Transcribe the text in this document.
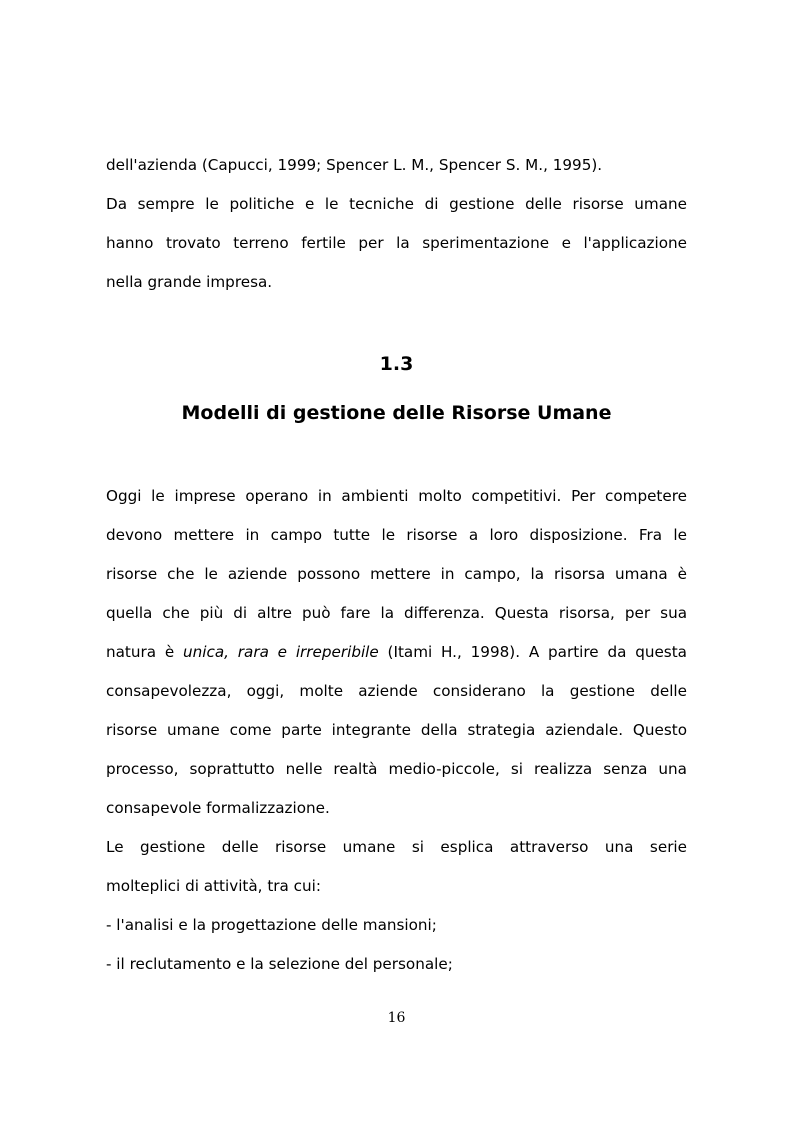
dell'azienda (Capucci, 1999; Spencer L. M., Spencer S. M., 1995).
Da sempre le politiche e le tecniche di gestione delle risorse umane
hanno trovato terreno fertile per la sperimentazione e l'applicazione
nella grande impresa.
1.3
Modelli di gestione delle Risorse Umane
Oggi le imprese operano in ambienti molto competitivi. Per competere
devono mettere in campo tutte le risorse a loro disposizione. Fra le
risorse che le aziende possono mettere in campo, la risorsa umana è
quella che più di altre può fare la differenza. Questa risorsa, per sua
natura è unica, rara e irreperibile (Itami H., 1998). A partire da questa
consapevolezza, oggi, molte aziende considerano la gestione delle
risorse umane come parte integrante della strategia aziendale. Questo
processo, soprattutto nelle realtà medio-piccole, si realizza senza una
consapevole formalizzazione.
Le gestione delle risorse umane si esplica attraverso una serie
molteplici di attività, tra cui:
- l'analisi e la progettazione delle mansioni;
- il reclutamento e la selezione del personale;
16
